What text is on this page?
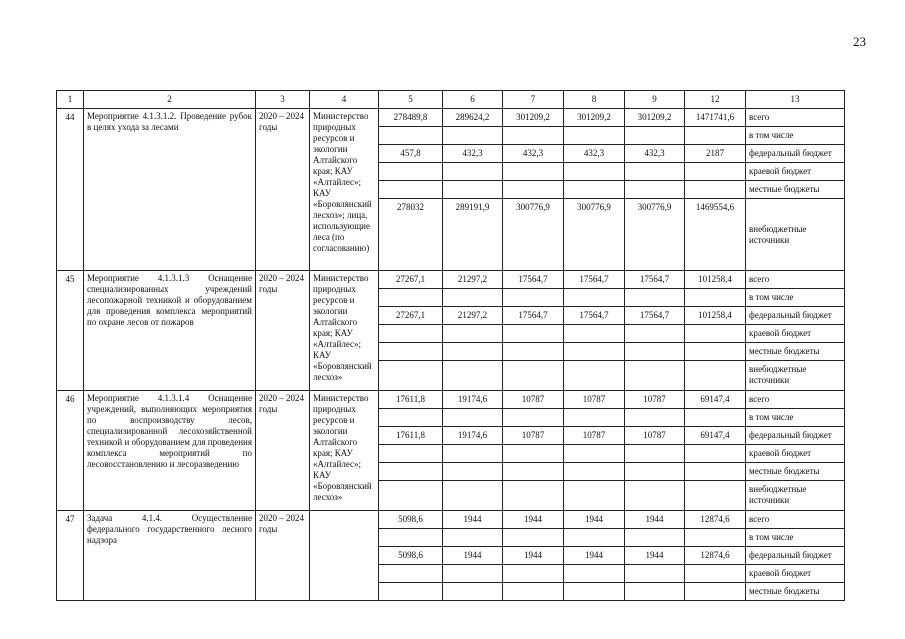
23
1	2	3	4	5	6	7	8	9	12	13
44	Мероприятие 4.1.3.1.2. Проведение рубок в целях ухода за лесами	2020 – 2024 годы	Министерство природных ресурсов и экологии Алтайского края; КАУ «Алтайлес»; КАУ «Боровлянский лесхоз»; лица, использующие леса (по согласованию)	278489,8	289624,2	301209,2	301209,2	301209,2	1471741,6	всего
										в том числе
				457,8	432,3	432,3	432,3	432,3	2187	федеральный бюджет
										краевой бюджет
										местные бюджеты
				278032	289191,9	300776,9	300776,9	300776,9	1469554,6	внебюджетные источники
45	Мероприятие 4.1.3.1.3 Оснащение специализированных учреждений лесопожарной техникой и оборудованием для проведения комплекса мероприятий по охране лесов от пожаров	2020 – 2024 годы	Министерство природных ресурсов и экологии Алтайского края; КАУ «Алтайлес»; КАУ «Боровлянский лесхоз»	27267,1	21297,2	17564,7	17564,7	17564,7	101258,4	всего
										в том числе
				27267,1	21297,2	17564,7	17564,7	17564,7	101258,4	федеральный бюджет
										краевой бюджет
										местные бюджеты
										внебюджетные источники
46	Мероприятие 4.1.3.1.4 Оснащение учреждений, выполняющих мероприятия по воспроизводству лесов, специализированной лесохозяйственной техникой и оборудованием для проведения комплекса мероприятий по лесовосстановлению и лесоразведению	2020 – 2024 годы	Министерство природных ресурсов и экологии Алтайского края; КАУ «Алтайлес»; КАУ «Боровлянский лесхоз»	17611,8	19174,6	10787	10787	10787	69147,4	всего
										в том числе
				17611,8	19174,6	10787	10787	10787	69147,4	федеральный бюджет
										краевой бюджет
										местные бюджеты
										внебюджетные источники
47	Задача 4.1.4. Осуществление федерального государственного лесного надзора	2020 – 2024 годы		5098,6	1944	1944	1944	1944	12874,6	всего
										в том числе
				5098,6	1944	1944	1944	1944	12874,6	федеральный бюджет
										краевой бюджет
										местные бюджеты
